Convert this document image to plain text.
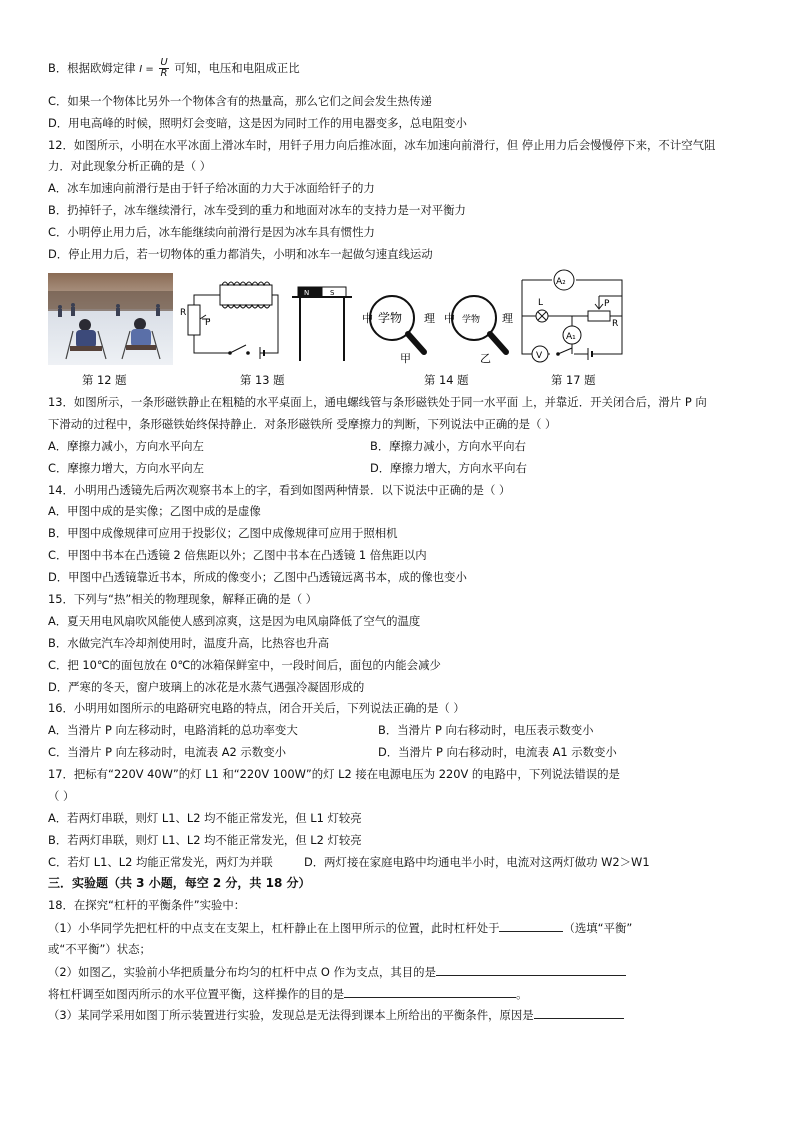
B．根据欧姆定律 $I = \frac{U}{R}$ 可知，电压和电阻成正比
C．如果一个物体比另外一个物体含有的热量高，那么它们之间会发生热传递
D．用电高峰的时候，照明灯会变暗，这是因为同时工作的用电器变多，总电阻变小
12．如图所示，小明在水平冰面上滑冰车时，用钎子用力向后推冰面，冰车加速向前滑行，但 停止用力后会慢慢停下来，不计空气阻
力．对此现象分析正确的是（ ）
A．冰车加速向前滑行是由于钎子给冰面的力大于冰面给钎子的力
B．扔掉钎子，冰车继续滑行，冰车受到的重力和地面对冰车的支持力是一对平衡力
C．小明停止用力后，冰车能继续向前滑行是因为冰车具有惯性力
D．停止用力后，若一切物体的重力都消失，小明和冰车一起做匀速直线运动
R
P
N	S
中 学物 理 中 学物 理
甲	乙
A₂
L	P
R
A₁
V
第 12 题	第 13 题	第 14 题	第 17 题
13．如图所示，一条形磁铁静止在粗糙的水平桌面上，通电螺线管与条形磁铁处于同一水平面 上，并靠近．开关闭合后，滑片 P 向
下滑动的过程中，条形磁铁始终保持静止．对条形磁铁所 受摩擦力的判断，下列说法中正确的是（ ）
A．摩擦力减小，方向水平向左	B．摩擦力减小，方向水平向右
C．摩擦力增大，方向水平向左	D．摩擦力增大，方向水平向右
14．小明用凸透镜先后两次观察书本上的字，看到如图两种情景．以下说法中正确的是（ ）
A．甲图中成的是实像；乙图中成的是虚像
B．甲图中成像规律可应用于投影仪；乙图中成像规律可应用于照相机
C．甲图中书本在凸透镜 2 倍焦距以外；乙图中书本在凸透镜 1 倍焦距以内
D．甲图中凸透镜靠近书本，所成的像变小；乙图中凸透镜远离书本，成的像也变小
15．下列与“热”相关的物理现象，解释正确的是（ ）
A．夏天用电风扇吹风能使人感到凉爽，这是因为电风扇降低了空气的温度
B．水做完汽车冷却剂使用时，温度升高，比热容也升高
C．把 10℃的面包放在 0℃的冰箱保鲜室中，一段时间后，面包的内能会减少
D．严寒的冬天，窗户玻璃上的冰花是水蒸气遇强冷凝固形成的
16．小明用如图所示的电路研究电路的特点，闭合开关后，下列说法正确的是（ ）
A．当滑片 P 向左移动时，电路消耗的总功率变大	B．当滑片 P 向右移动时，电压表示数变小
C．当滑片 P 向左移动时，电流表 A2 示数变小	D．当滑片 P 向右移动时，电流表 A1 示数变小
17．把标有“220V 40W”的灯 L1 和“220V 100W”的灯 L2 接在电源电压为 220V 的电路中，下列说法错误的是
（ ）
A．若两灯串联，则灯 L1、L2 均不能正常发光，但 L1 灯较亮
B．若两灯串联，则灯 L1、L2 均不能正常发光，但 L2 灯较亮
C．若灯 L1、L2 均能正常发光，两灯为并联	D．两灯接在家庭电路中均通电半小时，电流对这两灯做功 W2＞W1
三．实验题（共 3 小题，每空 2 分，共 18 分）
18．在探究“杠杆的平衡条件”实验中：
（1）小华同学先把杠杆的中点支在支架上，杠杆静止在上图甲所示的位置，此时杠杆处于	（选填“平衡”
或“不平衡”）状态；
（2）如图乙，实验前小华把质量分布均匀的杠杆中点 O 作为支点，其目的是
将杠杆调至如图丙所示的水平位置平衡，这样操作的目的是	。
（3）某同学采用如图丁所示装置进行实验，发现总是无法得到课本上所给出的平衡条件，原因是
